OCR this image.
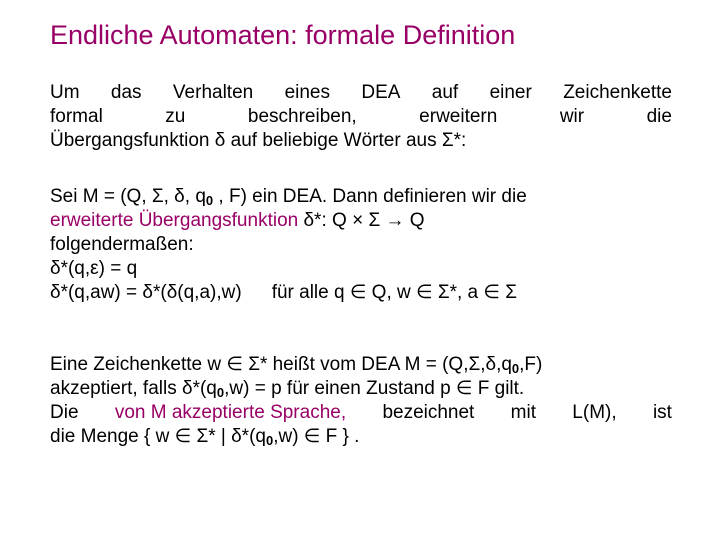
Endliche Automaten: formale Definition
Um das Verhalten eines DEA auf einer Zeichenkette
formal	zu	beschreiben,	erweitern	wir	die
Übergangsfunktion δ auf beliebige Wörter aus Σ*:
Sei M = (Q, Σ, δ, $q_0$ , F) ein DEA. Dann definieren wir die
erweiterte Übergangsfunktion δ*: Q × Σ → Q
folgendermaßen:
δ*(q,ε) = q
δ*(q,aw) = δ*(δ(q,a),w) für alle q ∈ Q, w ∈ Σ*, a ∈ Σ
Eine Zeichenkette w ∈ Σ* heißt vom DEA $M = (Q,\Sigma,\delta,q_0,F)$
akzeptiert, falls $\delta*(q_0,w) = p$ für einen Zustand p ∈ F gilt.
Die von M akzeptierte Sprache, bezeichnet mit L(M), ist
die Menge { w ∈ Σ* | $\delta*(q_0,w)$ ∈ F } .
